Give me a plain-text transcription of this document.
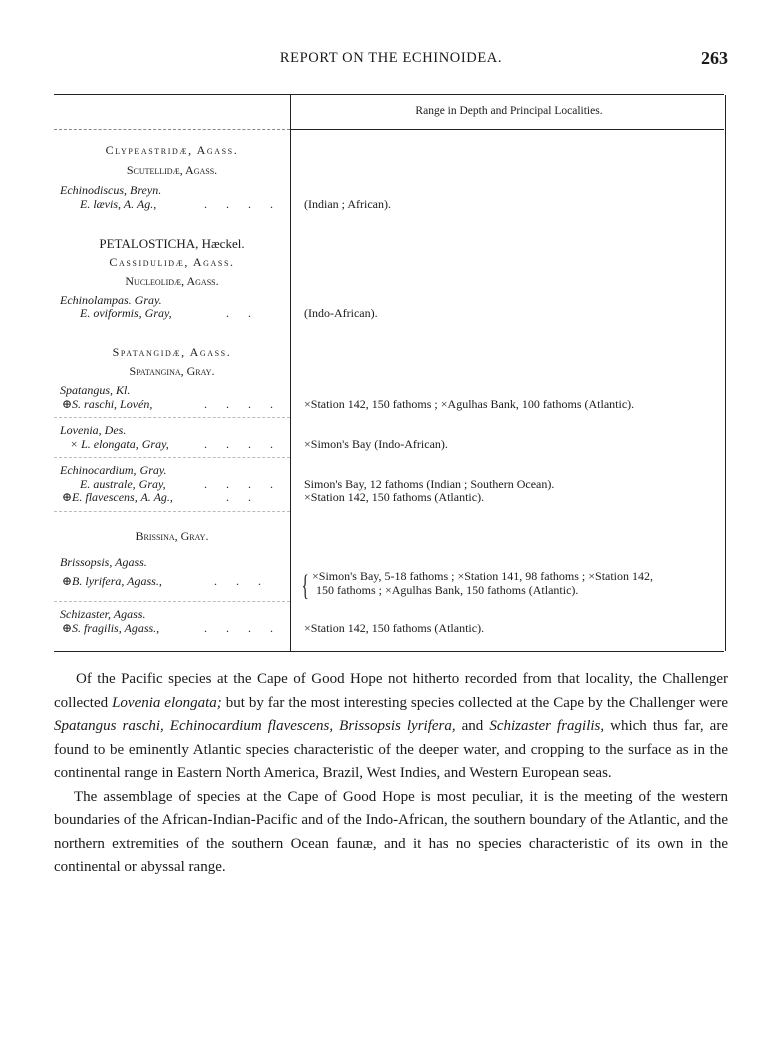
REPORT ON THE ECHINOIDEA.	263
Range in Depth and Principal Localities.
Clypeastridæ, Agass.
Scutellidæ, Agass.
Echinodiscus, Breyn.
E. lævis, A. Ag.,	. . . . (Indian ; African).
PETALOSTICHA, Hæckel.
Cassidulidæ, Agass.
Nucleolidæ, Agass.
Echinolampas. Gray.
E. oviformis, Gray,	. .	(Indo-African).
Spatangidæ, Agass.
Spatangina, Gray.
Spatangus, Kl.
⊕S. raschi, Lovén,	. . . . ×Station 142, 150 fathoms ; ×Agulhas Bank, 100 fathoms (Atlantic).
Lovenia, Des.
× L. elongata, Gray,	. . . . ×Simon's Bay (Indo-African).
Echinocardium, Gray.
E. australe, Gray,	. . . . Simon's Bay, 12 fathoms (Indian ; Southern Ocean).
⊕E. flavescens, A. Ag.,	. .	×Station 142, 150 fathoms (Atlantic).
Brissina, Gray.
Brissopsis, Agass.
⊕B. lyrifera, Agass.,	. . . { ×Simon's Bay, 5-18 fathoms ; ×Station 141, 98 fathoms ; ×Station 142,
150 fathoms ; ×Agulhas Bank, 150 fathoms (Atlantic).
Schizaster, Agass.
⊕S. fragilis, Agass.,	. . . . ×Station 142, 150 fathoms (Atlantic).

Of the Pacific species at the Cape of Good Hope not hitherto recorded from that locality, the Challenger collected Lovenia elongata; but by far the most interesting species collected at the Cape by the Challenger were Spatangus raschi, Echinocardium flavescens, Brissopsis lyrifera, and Schizaster fragilis, which thus far, are found to be eminently Atlantic species characteristic of the deeper water, and cropping to the surface as in the continental range in Eastern North America, Brazil, West Indies, and Western European seas.

The assemblage of species at the Cape of Good Hope is most peculiar, it is the meeting of the western boundaries of the African-Indian-Pacific and of the Indo-African, the southern boundary of the Atlantic, and the northern extremities of the southern Ocean faunæ, and it has no species characteristic of its own in the continental or abyssal range.
